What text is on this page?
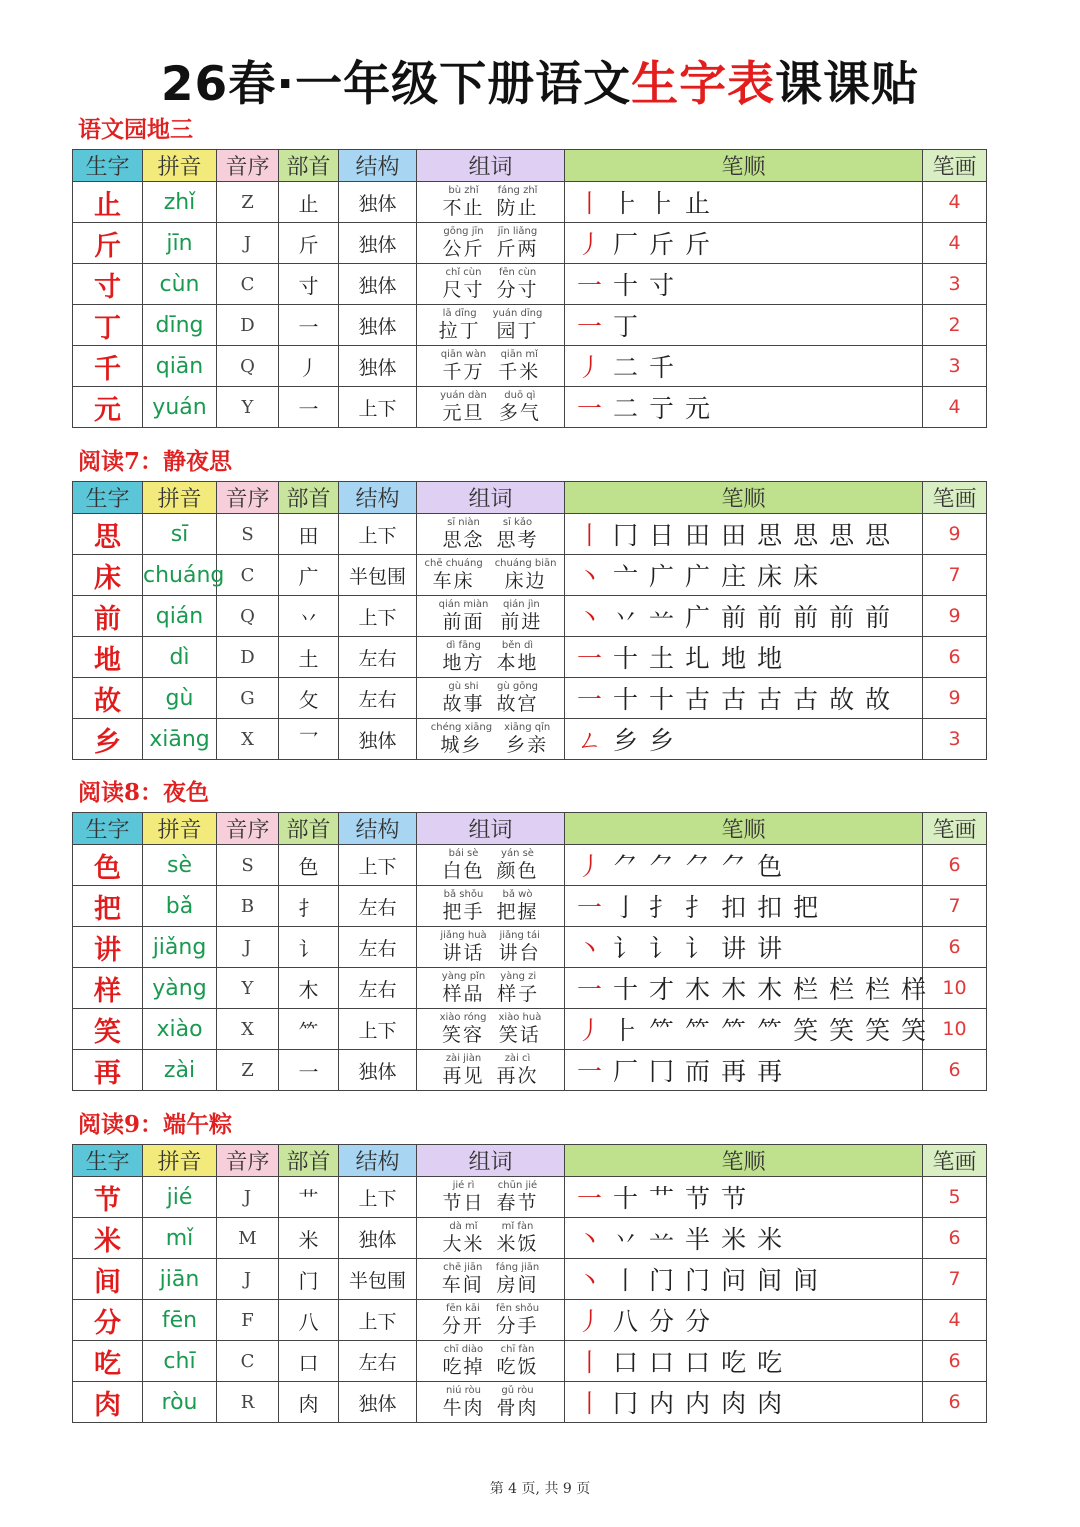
26春·一年级下册语文生字表课课贴
语文园地三
生字	拼音	音序	部首	结构	组词	笔顺	笔画
止	zhǐ	Z	止	独体	bù zhǐ
不止
fáng zhǐ
防止	丨 ⺊ ⺊ 止	4
斤	jīn	J	斤	独体	gōng jīn
公斤
jīn liǎng
斤两	丿 厂 斤 斤	4
寸	cùn	C	寸	独体	chǐ cùn
尺寸
fēn cùn
分寸	一 十 寸	3
丁	dīng	D	一	独体	lā dīng
拉丁
yuán dīng
园丁	一 丁	2
千	qiān	Q	丿	独体	qiān wàn
千万
qiān mǐ
千米	丿 二 千	3
元	yuán	Y	一	上下	yuán dàn
元旦
duō qì
多气	一 二 亍 元	4
阅读7：静夜思
生字	拼音	音序	部首	结构	组词	笔顺	笔画
思	sī	S	田	上下	sī niàn
思念
sī kǎo
思考	丨 冂 日 田 田 思 思 思 思	9
床	chuáng	C	广	半包围	chē chuáng
车床
chuáng biān
床边	丶 亠 广 广 庄 床 床	7
前	qián	Q	丷	上下	qián miàn
前面
qián jìn
前进	丶 丷 䒑 广 前 前 前 前 前	9
地	dì	D	土	左右	dì fāng
地方
běn dì
本地	一 十 土 圠 地 地	6
故	gù	G	攵	左右	gù shi
故事
gù gōng
故宫	一 十 十 古 古 古 古 故 故	9
乡	xiāng	X	乛	独体	chéng xiāng
城乡
xiāng qīn
乡亲	ㄥ 乡 乡	3
阅读8：夜色
生字	拼音	音序	部首	结构	组词	笔顺	笔画
色	sè	S	色	上下	bái sè
白色
yán sè
颜色	丿 ⺈ ⺈ ⺈ ⺈ 色	6
把	bǎ	B	扌	左右	bǎ shǒu
把手
bǎ wò
把握	一 亅 扌 扌 扣 扣 把	7
讲	jiǎng	J	讠	左右	jiǎng huà
讲话
jiǎng tái
讲台	丶 讠 讠 讠 讲 讲	6
样	yàng	Y	木	左右	yàng pǐn
样品
yàng zi
样子	一 十 才 木 木 木 栏 栏 栏 样	10
笑	xiào	X	⺮	上下	xiào róng
笑容
xiào huà
笑话	丿 ⺊ ⺮ ⺮ ⺮ ⺮ 笑 笑 笑 笑	10
再	zài	Z	一	独体	zài jiàn
再见
zài cì
再次	一 厂 冂 而 再 再	6
阅读9：端午粽
生字	拼音	音序	部首	结构	组词	笔顺	笔画
节	jié	J	艹	上下	jié rì
节日
chūn jié
春节	一 十 艹 节 节	5
米	mǐ	M	米	独体	dà mǐ
大米
mǐ fàn
米饭	丶 丷 䒑 半 米 米	6
间	jiān	J	门	半包围	chē jiān
车间
fáng jiān
房间	丶 丨 门 门 问 间 间	7
分	fēn	F	八	上下	fēn kāi
分开
fēn shǒu
分手	丿 八 分 分	4
吃	chī	C	口	左右	chī diào
吃掉
chī fàn
吃饭	丨 口 口 口 吃 吃	6
肉	ròu	R	肉	独体	niú ròu
牛肉
gǔ ròu
骨肉	丨 冂 内 内 肉 肉	6
第 4 页, 共 9 页
